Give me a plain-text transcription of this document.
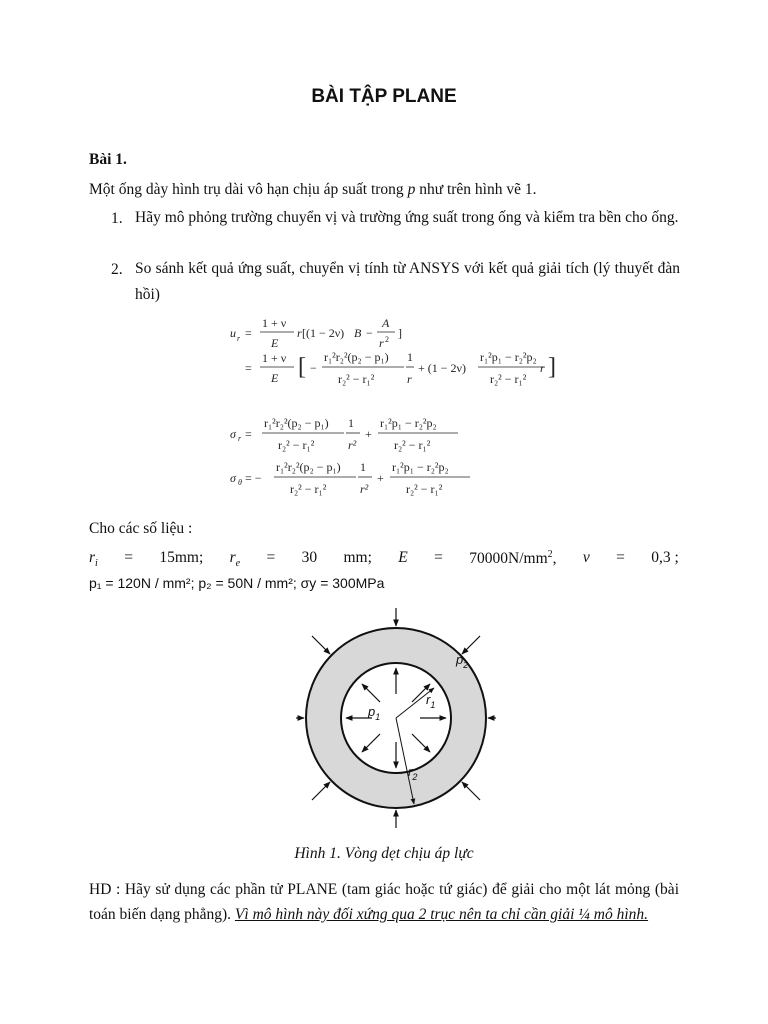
BÀI TẬP PLANE
Bài 1.
Một ống dày hình trụ dài vô hạn chịu áp suất trong p như trên hình vẽ 1.
1. Hãy mô phỏng trường chuyển vị và trường ứng suất trong ống và kiểm tra bền cho ống.
2. So sánh kết quả ứng suất, chuyển vị tính từ ANSYS với kết quả giải tích (lý thuyết đàn hồi)
u r =
1 + ν
E
r [(1 − 2ν) B −
A
r 2 ]
=
1 + ν
E [ −
r₁²r₂²(p₂ − p₁)
r₂² − r₁²
1
r
+ (1 − 2ν)
r₁²p₁ − r₂²p₂
r₂² − r₁²
r ]
σ r =
r₁²r₂²(p₂ − p₁)
r₂² − r₁²
1
r²
+
r₁²p₁ − r₂²p₂
r₂² − r₁²
σ θ = −
r₁²r₂²(p₂ − p₁)
r₂² − r₁²
1
r²
+
r₁²p₁ − r₂²p₂
r₂² − r₁²
Cho các số liệu :
$r_i = 15mm$; $r_e = 30$ mm; $E = 70000N/mm^2$, ν = 0,3 ;
p₁ = 120N / mm²; p₂ = 50N / mm²; σy = 300MPa
$p_2$
$p_1$
$r_1$
$r_2$
Hình 1. Vòng dẹt chịu áp lực
HD : Hãy sử dụng các phần tử PLANE (tam giác hoặc tứ giác) để giải cho một lát mỏng (bài toán biến dạng phẳng). Vì mô hình này đối xứng qua 2 trục nên ta chỉ cần giải ¼ mô hình.
